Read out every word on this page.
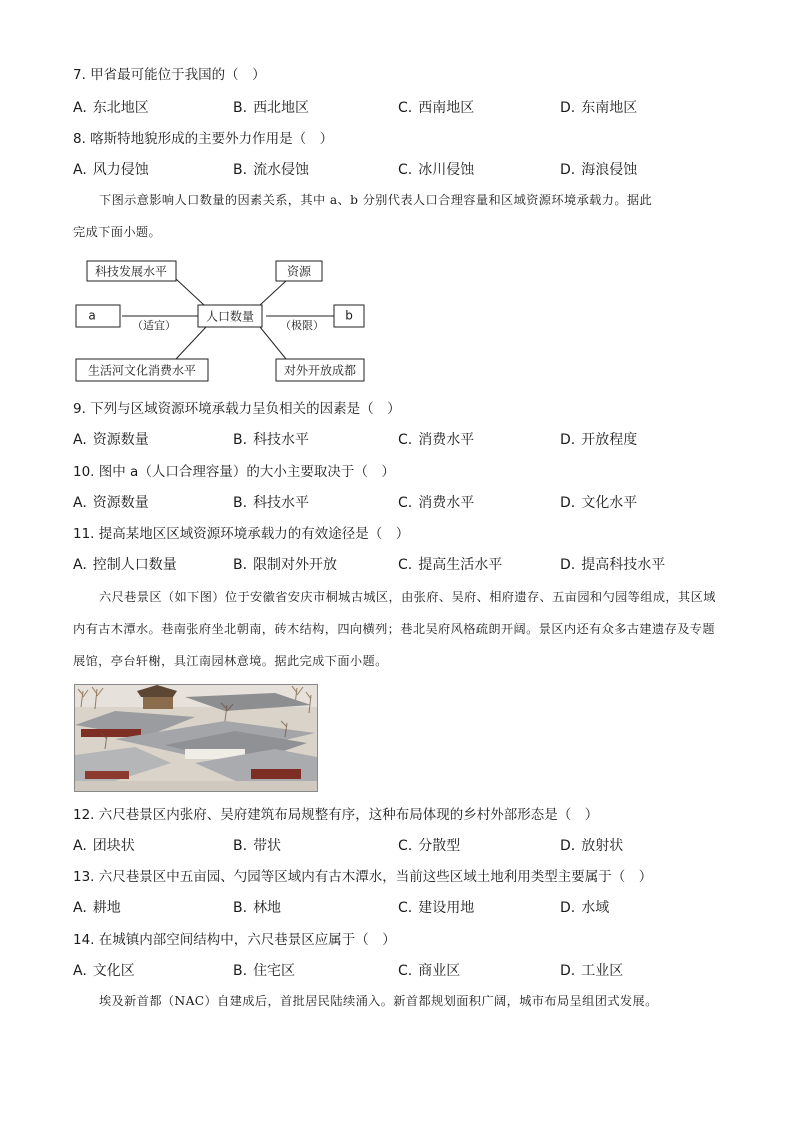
7. 甲省最可能位于我国的（　）
A. 东北地区	B. 西北地区	C. 西南地区	D. 东南地区
8. 喀斯特地貌形成的主要外力作用是（　）
A. 风力侵蚀	B. 流水侵蚀	C. 冰川侵蚀	D. 海浪侵蚀
下图示意影响人口数量的因素关系，其中 a、b 分别代表人口合理容量和区域资源环境承载力。据此
完成下面小题。
科技发展水平	资源
a	人口数量	b
生活河文化消费水平	对外开放成都
（适宜）	（极限）
9. 下列与区域资源环境承载力呈负相关的因素是（　）
A. 资源数量	B. 科技水平	C. 消费水平	D. 开放程度
10. 图中 a（人口合理容量）的大小主要取决于（　）
A. 资源数量	B. 科技水平	C. 消费水平	D. 文化水平
11. 提高某地区区域资源环境承载力的有效途径是（　）
A. 控制人口数量	B. 限制对外开放	C. 提高生活水平	D. 提高科技水平
六尺巷景区（如下图）位于安徽省安庆市桐城古城区，由张府、吴府、相府遗存、五亩园和勺园等组成，其区域内有古木潭水。巷南张府坐北朝南，砖木结构，四向横列；巷北吴府风格疏朗开阔。景区内还有众多古建遗存及专题展馆，亭台轩榭，具江南园林意境。据此完成下面小题。
12. 六尺巷景区内张府、吴府建筑布局规整有序，这种布局体现的乡村外部形态是（　）
A. 团块状	B. 带状	C. 分散型	D. 放射状
13. 六尺巷景区中五亩园、勺园等区域内有古木潭水，当前这些区域土地利用类型主要属于（　）
A. 耕地	B. 林地	C. 建设用地	D. 水域
14. 在城镇内部空间结构中，六尺巷景区应属于（　）
A. 文化区	B. 住宅区	C. 商业区	D. 工业区
埃及新首都（NAC）自建成后，首批居民陆续涌入。新首都规划面积广阔，城市布局呈组团式发展。
